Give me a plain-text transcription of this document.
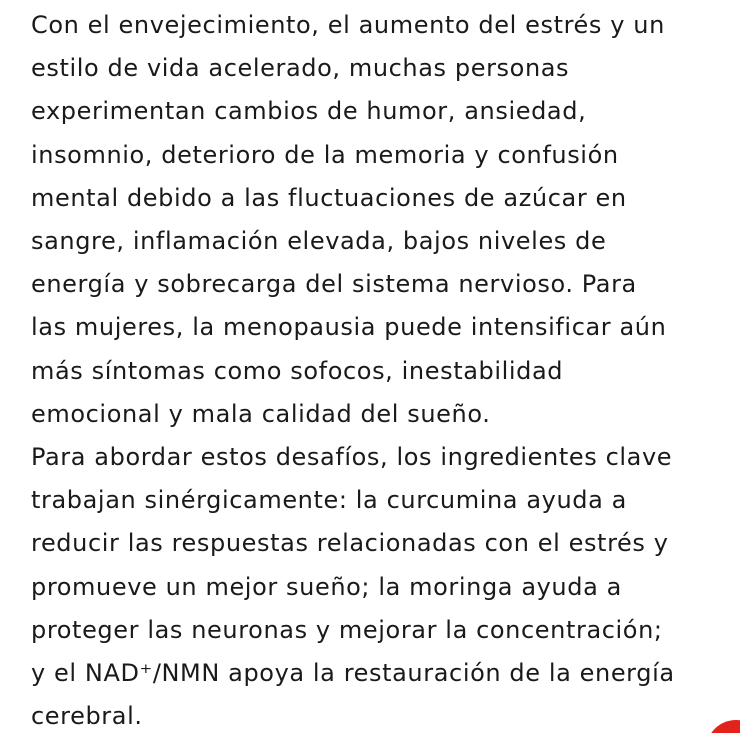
Con el envejecimiento, el aumento del estrés y un
estilo de vida acelerado, muchas personas
experimentan cambios de humor, ansiedad,
insomnio, deterioro de la memoria y confusión
mental debido a las fluctuaciones de azúcar en
sangre, inflamación elevada, bajos niveles de
energía y sobrecarga del sistema nervioso. Para
las mujeres, la menopausia puede intensificar aún
más síntomas como sofocos, inestabilidad
emocional y mala calidad del sueño.

Para abordar estos desafíos, los ingredientes clave
trabajan sinérgicamente: la curcumina ayuda a
reducir las respuestas relacionadas con el estrés y
promueve un mejor sueño; la moringa ayuda a
proteger las neuronas y mejorar la concentración;
y el NAD⁺/NMN apoya la restauración de la energía
cerebral.
